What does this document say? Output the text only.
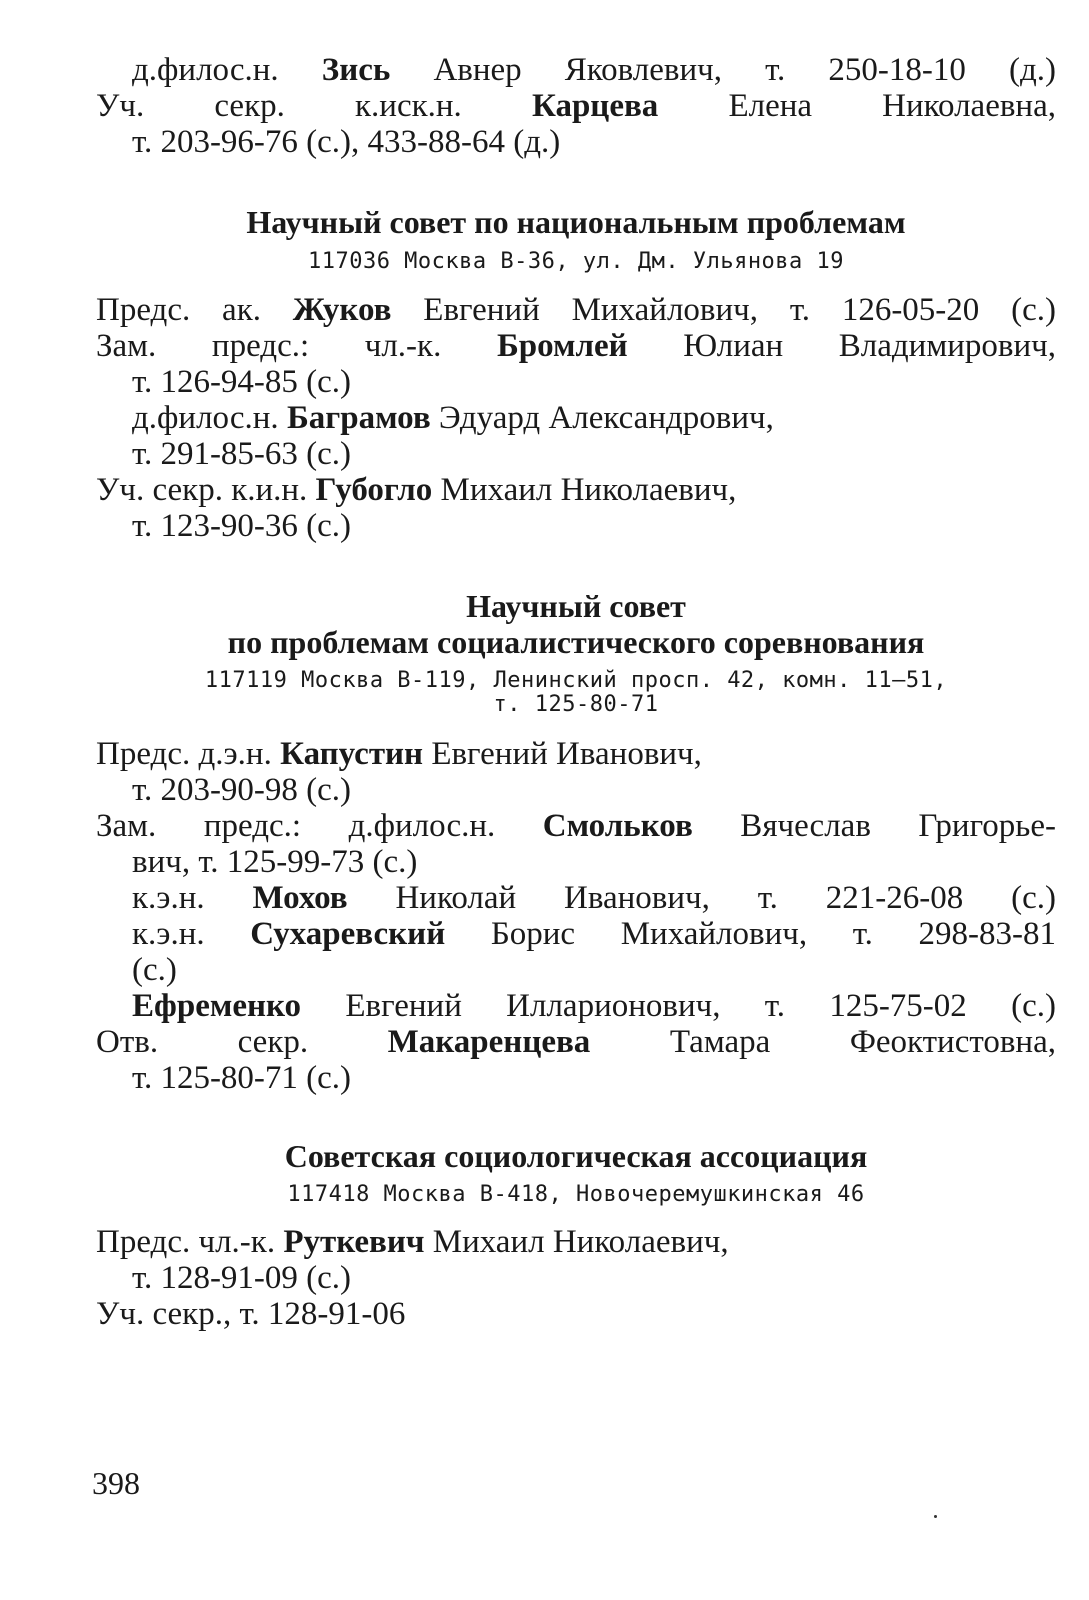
д.филос.н. Зись Авнер Яковлевич, т. 250-18-10 (д.)
Уч. секр. к.иск.н. Карцева Елена Николаевна,
т. 203-96-76 (с.), 433-88-64 (д.)
Научный совет по национальным проблемам
117036 Москва В-36, ул. Дм. Ульянова 19
Предс. ак. Жуков Евгений Михайлович, т. 126-05-20 (с.)
Зам. предс.: чл.-к. Бромлей Юлиан Владимирович,
т. 126-94-85 (с.)
д.филос.н. Баграмов Эдуард Александрович,
т. 291-85-63 (с.)
Уч. секр. к.и.н. Губогло Михаил Николаевич,
т. 123-90-36 (с.)
Научный совет
по проблемам социалистического соревнования
117119 Москва В-119, Ленинский просп. 42, комн. 11—51,
т. 125-80-71
Предс. д.э.н. Капустин Евгений Иванович,
т. 203-90-98 (с.)
Зам. предс.: д.филос.н. Смольков Вячеслав Григорье-
вич, т. 125-99-73 (с.)
к.э.н. Мохов Николай Иванович, т. 221-26-08 (с.)
к.э.н. Сухаревский Борис Михайлович, т. 298-83-81
(с.)
Ефременко Евгений Илларионович, т. 125-75-02 (с.)
Отв. секр. Макаренцева Тамара Феоктистовна,
т. 125-80-71 (с.)
Советская социологическая ассоциация
117418 Москва В-418, Новочеремушкинская 46
Предс. чл.-к. Руткевич Михаил Николаевич,
т. 128-91-09 (с.)
Уч. секр., т. 128-91-06
398
